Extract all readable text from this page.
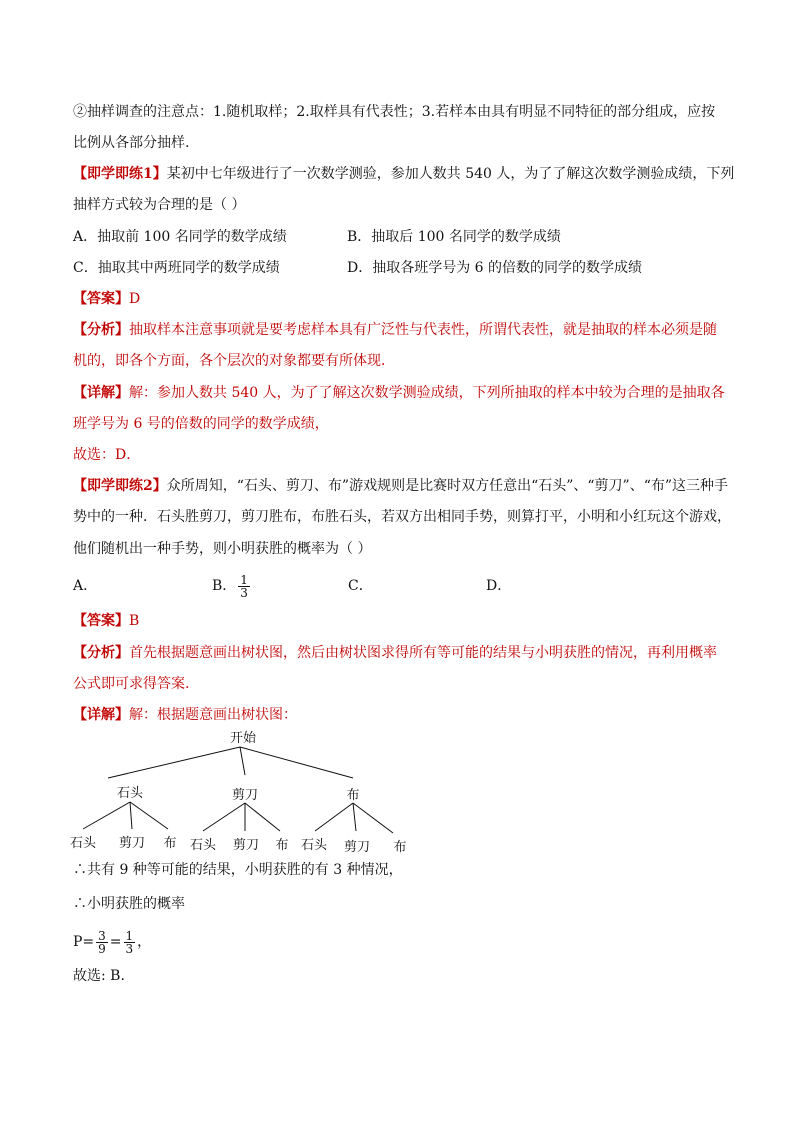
②抽样调查的注意点：1.随机取样；2.取样具有代表性；3.若样本由具有明显不同特征的部分组成，应按
比例从各部分抽样.
【即学即练1】某初中七年级进行了一次数学测验，参加人数共 540 人，为了了解这次数学测验成绩，下列
抽样方式较为合理的是（ ）
A．抽取前 100 名同学的数学成绩	B．抽取后 100 名同学的数学成绩
C．抽取其中两班同学的数学成绩	D．抽取各班学号为 6 的倍数的同学的数学成绩
【答案】D
【分析】抽取样本注意事项就是要考虑样本具有广泛性与代表性，所谓代表性，就是抽取的样本必须是随
机的，即各个方面，各个层次的对象都要有所体现．
【详解】解：参加人数共 540 人，为了了解这次数学测验成绩，下列所抽取的样本中较为合理的是抽取各
班学号为 6 号的倍数的同学的数学成绩，
故选：D．
【即学即练2】众所周知，“石头、剪刀、布”游戏规则是比赛时双方任意出“石头”、“剪刀”、“布”这三种手
势中的一种．石头胜剪刀，剪刀胜布，布胜石头，若双方出相同手势，则算打平，小明和小红玩这个游戏，
他们随机出一种手势，则小明获胜的概率为（ ）
A．	B． $\frac{1}{3}$	C．	D．
【答案】B
【分析】首先根据题意画出树状图，然后由树状图求得所有等可能的结果与小明获胜的情况，再利用概率
公式即可求得答案.
【详解】解：根据题意画出树状图：
开始
石头	剪刀	布
石头 剪刀 布 石头 剪刀 布 石头 剪刀 布
∴共有 9 种等可能的结果，小明获胜的有 3 种情况，
∴小明获胜的概率
$P= \frac{3}{9} = \frac{1}{3}$ ，
故选: B.
